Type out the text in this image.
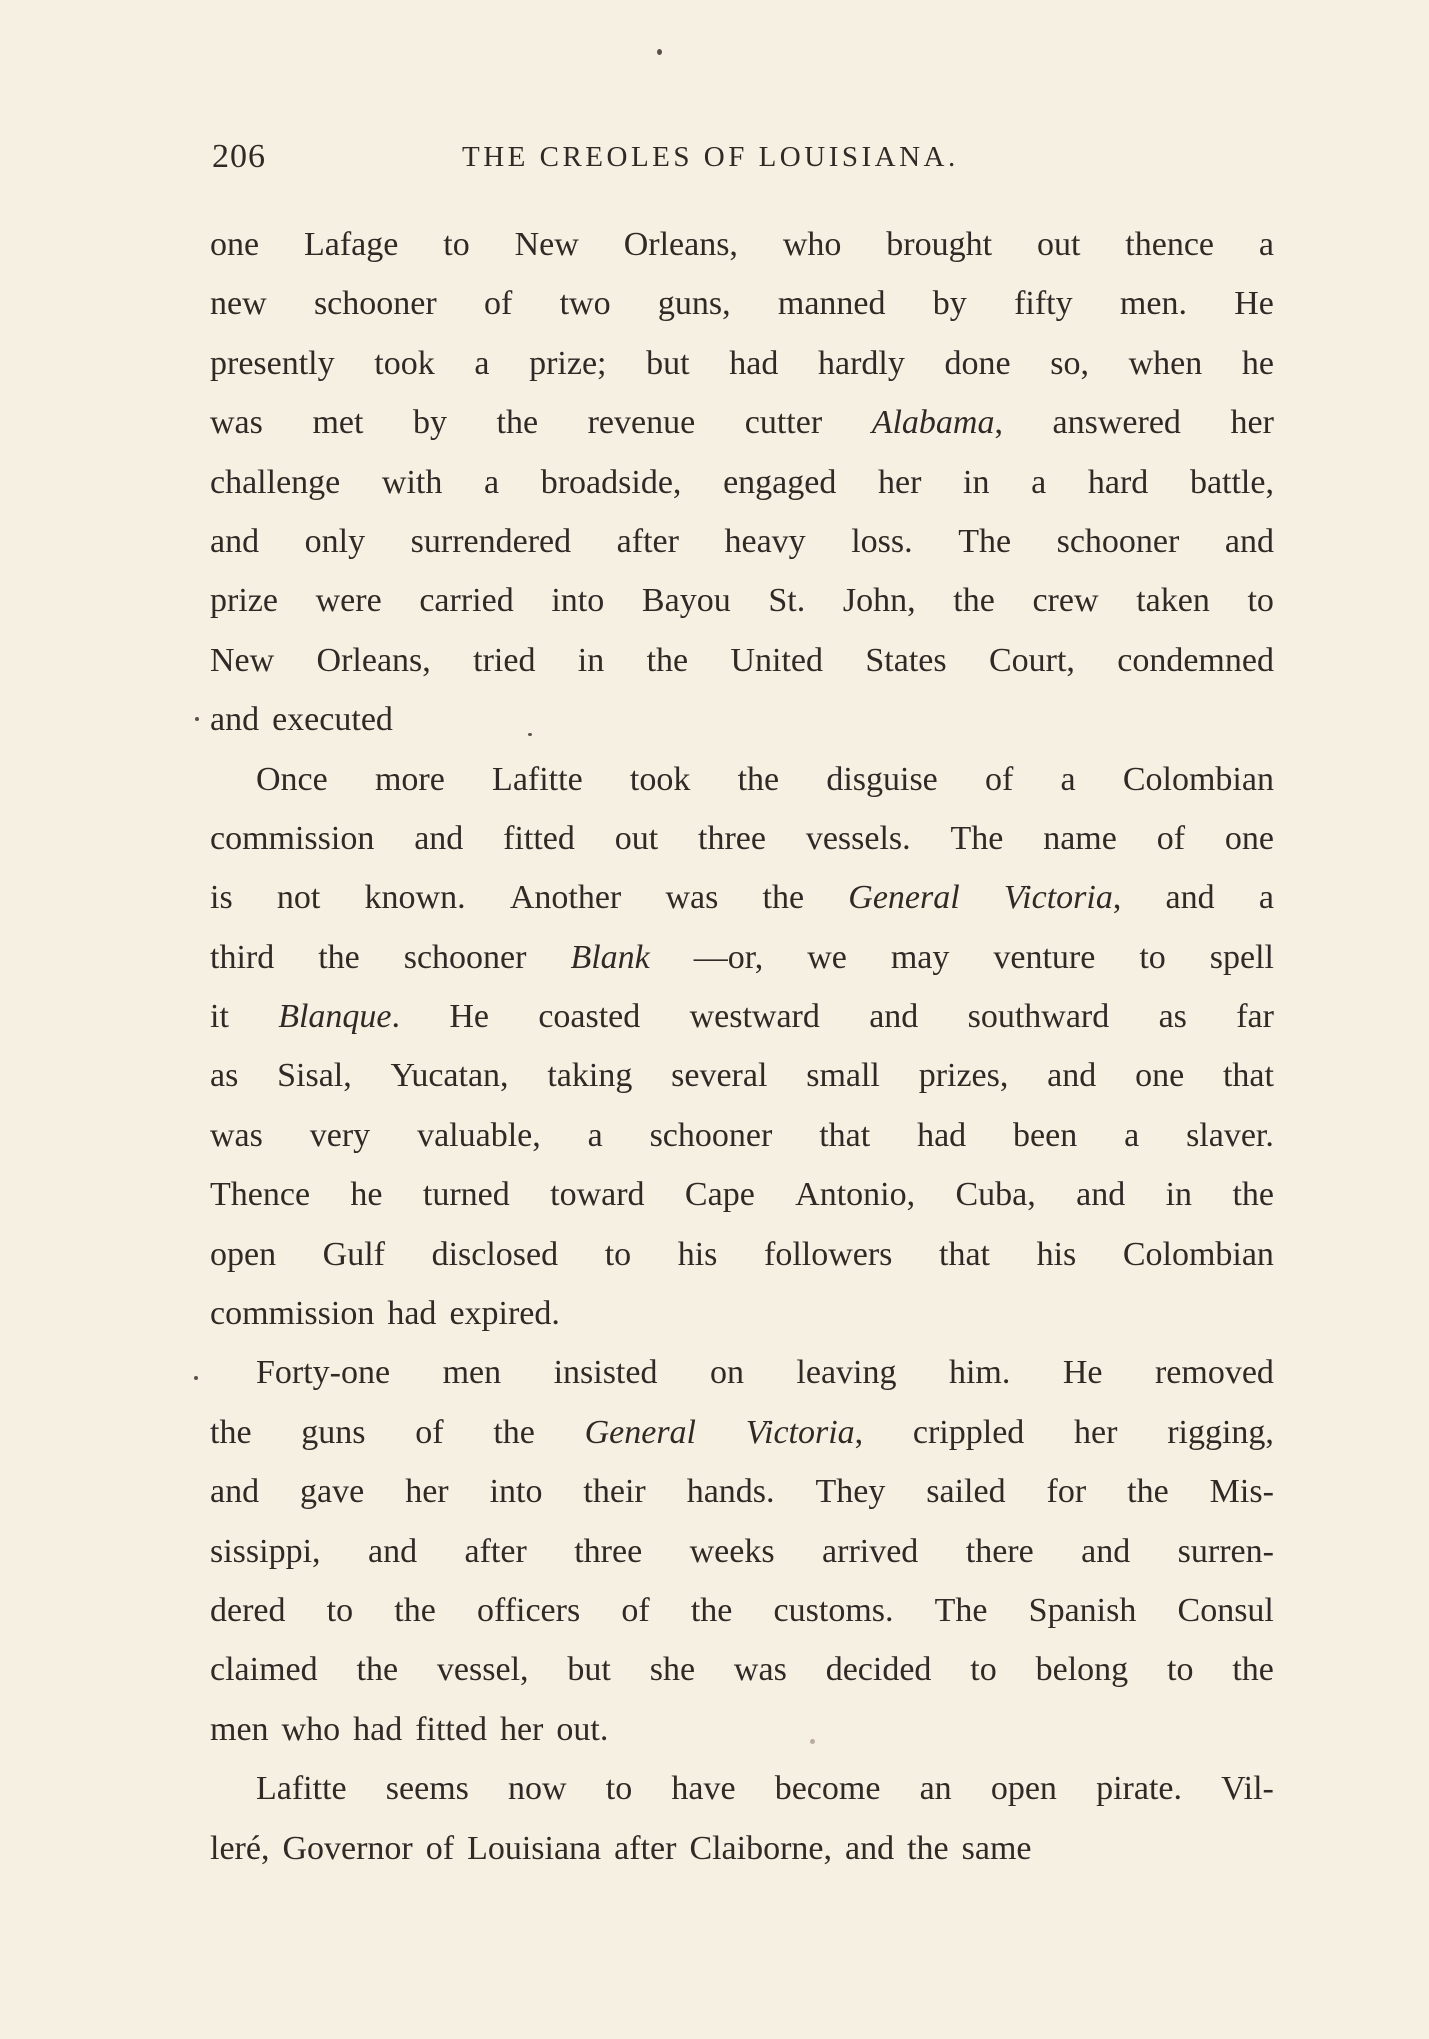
206	THE CREOLES OF LOUISIANA.
one Lafage to New Orleans, who brought out thence a
new schooner of two guns, manned by fifty men. He
presently took a prize; but had hardly done so, when he
was met by the revenue cutter Alabama, answered her
challenge with a broadside, engaged her in a hard battle,
and only surrendered after heavy loss. The schooner and
prize were carried into Bayou St. John, the crew taken to
New Orleans, tried in the United States Court, condemned
and executed
Once more Lafitte took the disguise of a Colombian
commission and fitted out three vessels. The name of one
is not known. Another was the General Victoria, and a
third the schooner Blank —or, we may venture to spell
it Blanque. He coasted westward and southward as far
as Sisal, Yucatan, taking several small prizes, and one that
was very valuable, a schooner that had been a slaver.
Thence he turned toward Cape Antonio, Cuba, and in the
open Gulf disclosed to his followers that his Colombian
commission had expired.
Forty-one men insisted on leaving him. He removed
the guns of the General Victoria, crippled her rigging,
and gave her into their hands. They sailed for the Mis-
sissippi, and after three weeks arrived there and surren-
dered to the officers of the customs. The Spanish Consul
claimed the vessel, but she was decided to belong to the
men who had fitted her out.
Lafitte seems now to have become an open pirate. Vil-
leré, Governor of Louisiana after Claiborne, and the same
